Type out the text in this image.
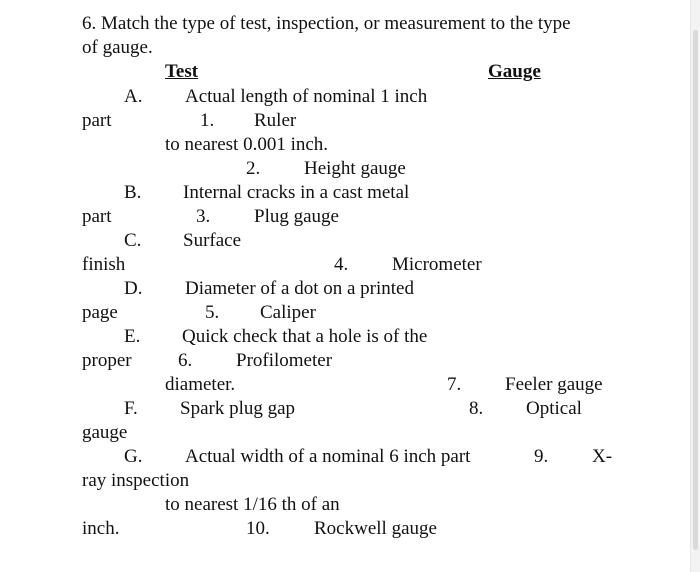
6. Match the type of test, inspection, or measurement to the type
of gauge.
Test	Gauge
A. Actual length of nominal 1 inch
part	1. Ruler
to nearest 0.001 inch.
2. Height gauge
B. Internal cracks in a cast metal
part	3. Plug gauge
C. Surface
finish	4. Micrometer
D. Diameter of a dot on a printed
page	5. Caliper
E. Quick check that a hole is of the
proper 6. Profilometer
diameter.	7. Feeler gauge
F. Spark plug gap	8. Optical
gauge
G. Actual width of a nominal 6 inch part	9. X-
ray inspection
to nearest 1/16 th of an
inch.	10. Rockwell gauge
